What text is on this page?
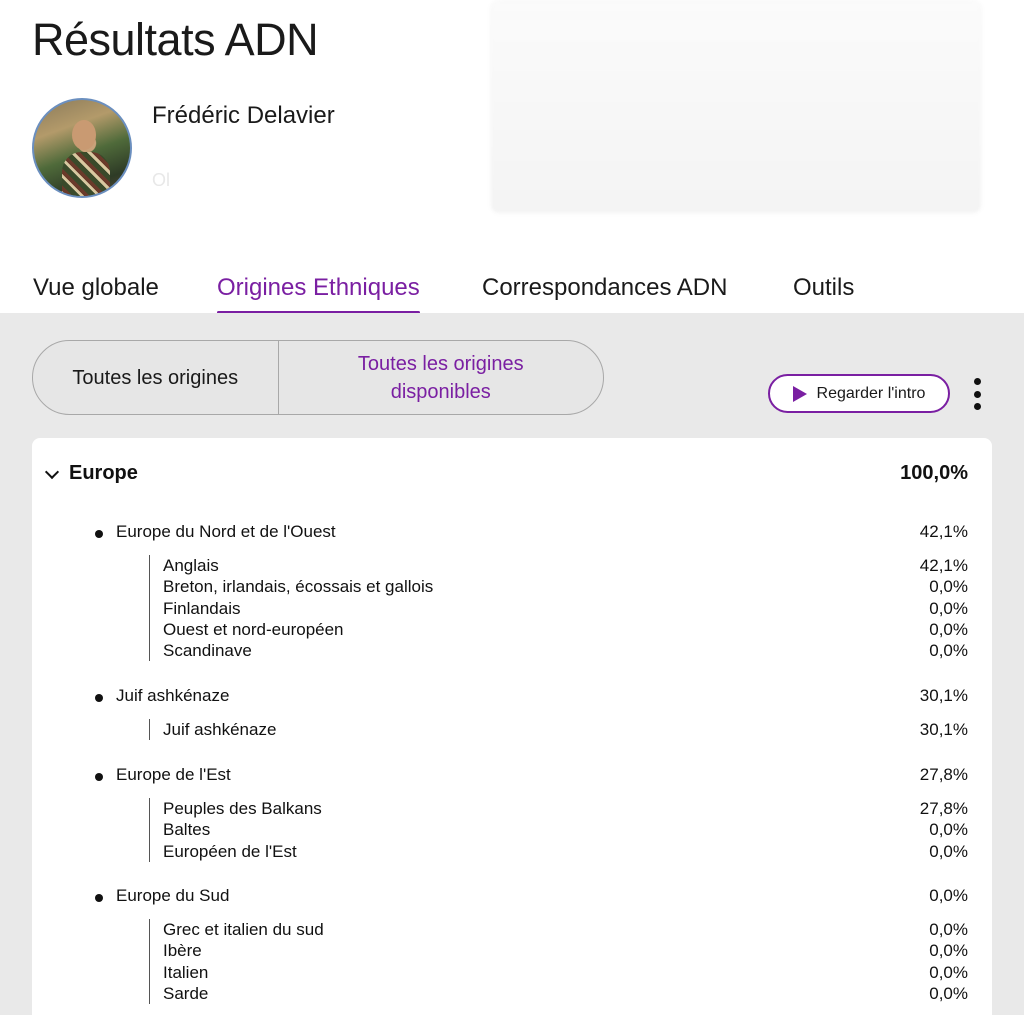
Résultats ADN
Frédéric Delavier
Ol
Vue globale Origines Ethniques	Correspondances ADN	Outils
Toutes les origines
Toutes les origines disponibles	Regarder l'intro
Europe	100,0%
Europe du Nord et de l'Ouest	42,1%
Anglais	42,1%
Breton, irlandais, écossais et gallois	0,0%
Finlandais	0,0%
Ouest et nord-européen	0,0%
Scandinave	0,0%
Juif ashkénaze	30,1%
Juif ashkénaze	30,1%
Europe de l'Est	27,8%
Peuples des Balkans	27,8%
Baltes	0,0%
Européen de l'Est	0,0%
Europe du Sud	0,0%
Grec et italien du sud	0,0%
Ibère	0,0%
Italien	0,0%
Sarde	0,0%
